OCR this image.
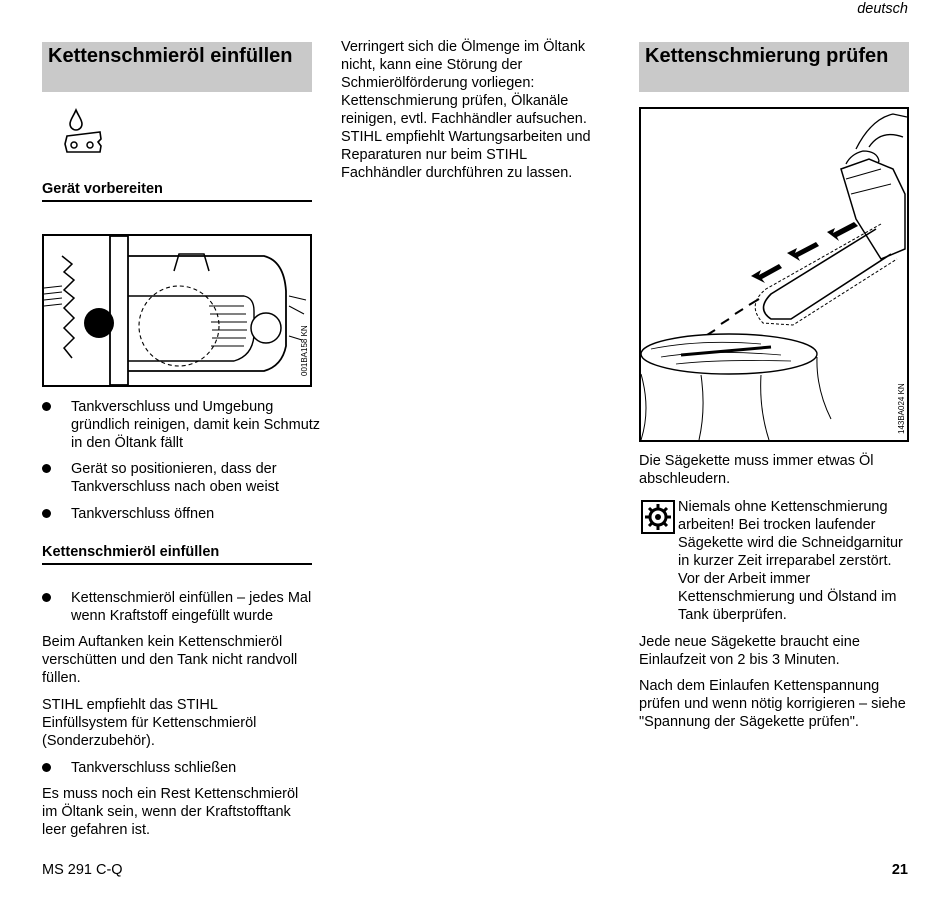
deutsch
Kettenschmieröl einfüllen
Gerät vorbereiten
001BA158 KN
Tankverschluss und Umgebung gründlich reinigen, damit kein Schmutz in den Öltank fällt
Gerät so positionieren, dass der Tankverschluss nach oben weist
Tankverschluss öffnen
Kettenschmieröl einfüllen
Kettenschmieröl einfüllen – jedes Mal wenn Kraftstoff eingefüllt wurde
Beim Auftanken kein Kettenschmieröl verschütten und den Tank nicht randvoll füllen.
STIHL empfiehlt das STIHL Einfüllsystem für Kettenschmieröl (Sonderzubehör).
Tankverschluss schließen
Es muss noch ein Rest Kettenschmieröl im Öltank sein, wenn der Kraftstofftank leer gefahren ist.
Verringert sich die Ölmenge im Öltank nicht, kann eine Störung der Schmierölförderung vorliegen: Kettenschmierung prüfen, Ölkanäle reinigen, evtl. Fachhändler aufsuchen. STIHL empfiehlt Wartungsarbeiten und Reparaturen nur beim STIHL Fachhändler durchführen zu lassen.
Kettenschmierung prüfen
143BA024 KN
Die Sägekette muss immer etwas Öl abschleudern.
Niemals ohne Kettenschmierung arbeiten! Bei trocken laufender Sägekette wird die Schneidgarnitur in kurzer Zeit irreparabel zerstört. Vor der Arbeit immer Kettenschmierung und Ölstand im Tank überprüfen.
Jede neue Sägekette braucht eine Einlaufzeit von 2 bis 3 Minuten.
Nach dem Einlaufen Kettenspannung prüfen und wenn nötig korrigieren – siehe "Spannung der Sägekette prüfen".
MS 291 C-Q	21
